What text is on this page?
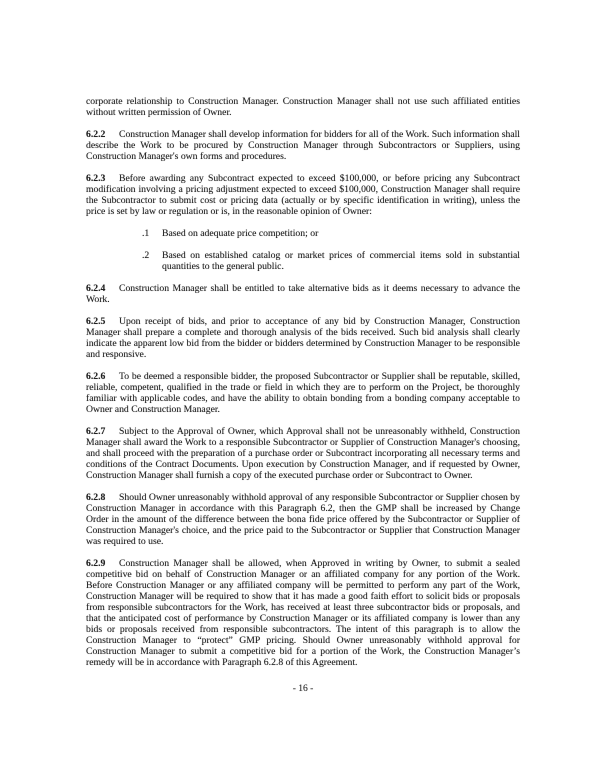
corporate relationship to Construction Manager. Construction Manager shall not use such affiliated entities without written permission of Owner.

6.2.2 Construction Manager shall develop information for bidders for all of the Work. Such information shall describe the Work to be procured by Construction Manager through Subcontractors or Suppliers, using Construction Manager's own forms and procedures.

6.2.3 Before awarding any Subcontract expected to exceed $100,000, or before pricing any Subcontract modification involving a pricing adjustment expected to exceed $100,000, Construction Manager shall require the Subcontractor to submit cost or pricing data (actually or by specific identification in writing), unless the price is set by law or regulation or is, in the reasonable opinion of Owner:

.1 Based on adequate price competition; or
.2 Based on established catalog or market prices of commercial items sold in substantial quantities to the general public.

6.2.4 Construction Manager shall be entitled to take alternative bids as it deems necessary to advance the Work.

6.2.5 Upon receipt of bids, and prior to acceptance of any bid by Construction Manager, Construction Manager shall prepare a complete and thorough analysis of the bids received. Such bid analysis shall clearly indicate the apparent low bid from the bidder or bidders determined by Construction Manager to be responsible and responsive.

6.2.6 To be deemed a responsible bidder, the proposed Subcontractor or Supplier shall be reputable, skilled, reliable, competent, qualified in the trade or field in which they are to perform on the Project, be thoroughly familiar with applicable codes, and have the ability to obtain bonding from a bonding company acceptable to Owner and Construction Manager.

6.2.7 Subject to the Approval of Owner, which Approval shall not be unreasonably withheld, Construction Manager shall award the Work to a responsible Subcontractor or Supplier of Construction Manager's choosing, and shall proceed with the preparation of a purchase order or Subcontract incorporating all necessary terms and conditions of the Contract Documents. Upon execution by Construction Manager, and if requested by Owner, Construction Manager shall furnish a copy of the executed purchase order or Subcontract to Owner.

6.2.8 Should Owner unreasonably withhold approval of any responsible Subcontractor or Supplier chosen by Construction Manager in accordance with this Paragraph 6.2, then the GMP shall be increased by Change Order in the amount of the difference between the bona fide price offered by the Subcontractor or Supplier of Construction Manager's choice, and the price paid to the Subcontractor or Supplier that Construction Manager was required to use.

6.2.9 Construction Manager shall be allowed, when Approved in writing by Owner, to submit a sealed competitive bid on behalf of Construction Manager or an affiliated company for any portion of the Work. Before Construction Manager or any affiliated company will be permitted to perform any part of the Work, Construction Manager will be required to show that it has made a good faith effort to solicit bids or proposals from responsible subcontractors for the Work, has received at least three subcontractor bids or proposals, and that the anticipated cost of performance by Construction Manager or its affiliated company is lower than any bids or proposals received from responsible subcontractors. The intent of this paragraph is to allow the Construction Manager to “protect” GMP pricing. Should Owner unreasonably withhold approval for Construction Manager to submit a competitive bid for a portion of the Work, the Construction Manager’s remedy will be in accordance with Paragraph 6.2.8 of this Agreement.

- 16 -
